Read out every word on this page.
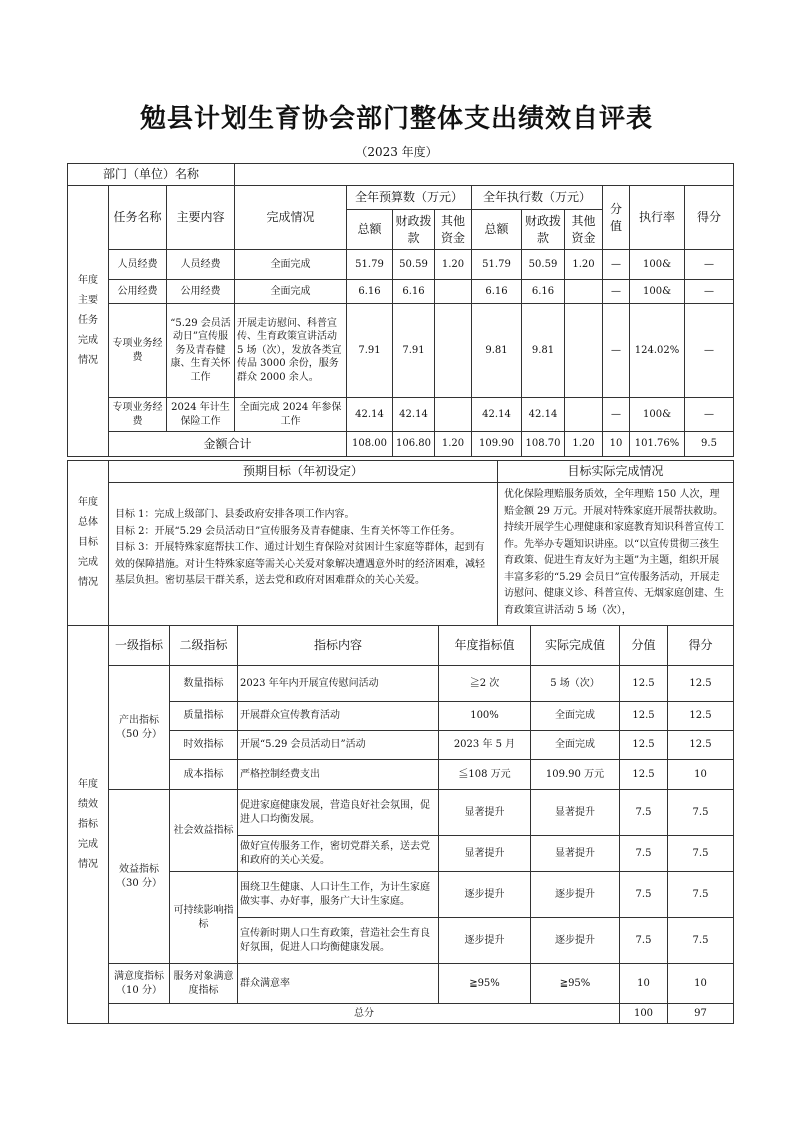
勉县计划生育协会部门整体支出绩效自评表
（2023 年度）
部门（单位）名称												

年度
主要
任务
完成
情况	任务名称	主要内容	完成情况	全年预算数（万元）			全年执行数（万元）			分值	执行率	得分
				总额	财政拨款	其他资金	总额	财政拨款	其他资金			
	人员经费	人员经费	全面完成	51.79	50.59	1.20	51.79	50.59	1.20	—	100&	—
	公用经费	公用经费	全面完成	6.16	6.16		6.16	6.16		—	100&	—
	专项业务经费	“5.29 会员活动日”宣传服务及青春健康、生育关怀工作	开展走访慰问、科普宣传、生育政策宣讲活动 5 场（次），发放各类宣传品 3000 余份，服务群众 2000 余人。	7.91	7.91		9.81	9.81		—	124.02%	—
	专项业务经费	2024 年计生保险工作	全面完成 2024 年参保工作	42.14	42.14		42.14	42.14		—	100&	—
	金额合计			108.00	106.80	1.20	109.90	108.70	1.20	10	101.76%	9.5
年度
总体
目标
完成
情况	预期目标（年初设定）	目标实际完成情况

	目标 1：完成上级部门、县委政府安排各项工作内容。
目标 2：开展“5.29 会员活动日”宣传服务及青春健康、生育关怀等工作任务。
目标 3：开展特殊家庭帮扶工作、通过计划生育保险对贫困计生家庭等群体，起到有效的保障措施。对计生特殊家庭等需关心关爱对象解决遭遇意外时的经济困难，减轻基层负担。密切基层干群关系，送去党和政府对困难群众的关心关爱。	优化保险理赔服务质效，全年理赔 150 人次，理赔金额 29 万元。开展对特殊家庭开展帮扶救助。持续开展学生心理健康和家庭教育知识科普宣传工作。先举办专题知识讲座。以“以宣传贯彻三孩生育政策、促进生育友好为主题”为主题，组织开展丰富多彩的“5.29 会员日”宣传服务活动，开展走访慰问、健康义诊、科普宣传、无烟家庭创建、生育政策宣讲活动 5 场（次），
年度
绩效
指标
完成
情况	一级指标	二级指标	指标内容	年度指标值	实际完成值	分值	得分
	产出指标（50 分）	数量指标	2023 年年内开展宣传慰问活动	≧2 次	5 场（次）	12.5	12.5
		质量指标	开展群众宣传教育活动	100%	全面完成	12.5	12.5
		时效指标	开展“5.29 会员活动日”活动	2023 年 5 月	全面完成	12.5	12.5
		成本指标	严格控制经费支出	≦108 万元	109.90 万元	12.5	10
	效益指标（30 分）	社会效益指标	促进家庭健康发展，营造良好社会氛围，促进人口均衡发展。	显著提升	显著提升	7.5	7.5
			做好宣传服务工作，密切党群关系，送去党和政府的关心关爱。	显著提升	显著提升	7.5	7.5
		可持续影响指标	围绕卫生健康、人口计生工作，为计生家庭做实事、办好事，服务广大计生家庭。	逐步提升	逐步提升	7.5	7.5
			宣传新时期人口生育政策，营造社会生育良好氛围，促进人口均衡健康发展。	逐步提升	逐步提升	7.5	7.5
	满意度指标（10 分）	服务对象满意度指标	群众满意率	≧95%	≧95%	10	10
	总分					100	97
